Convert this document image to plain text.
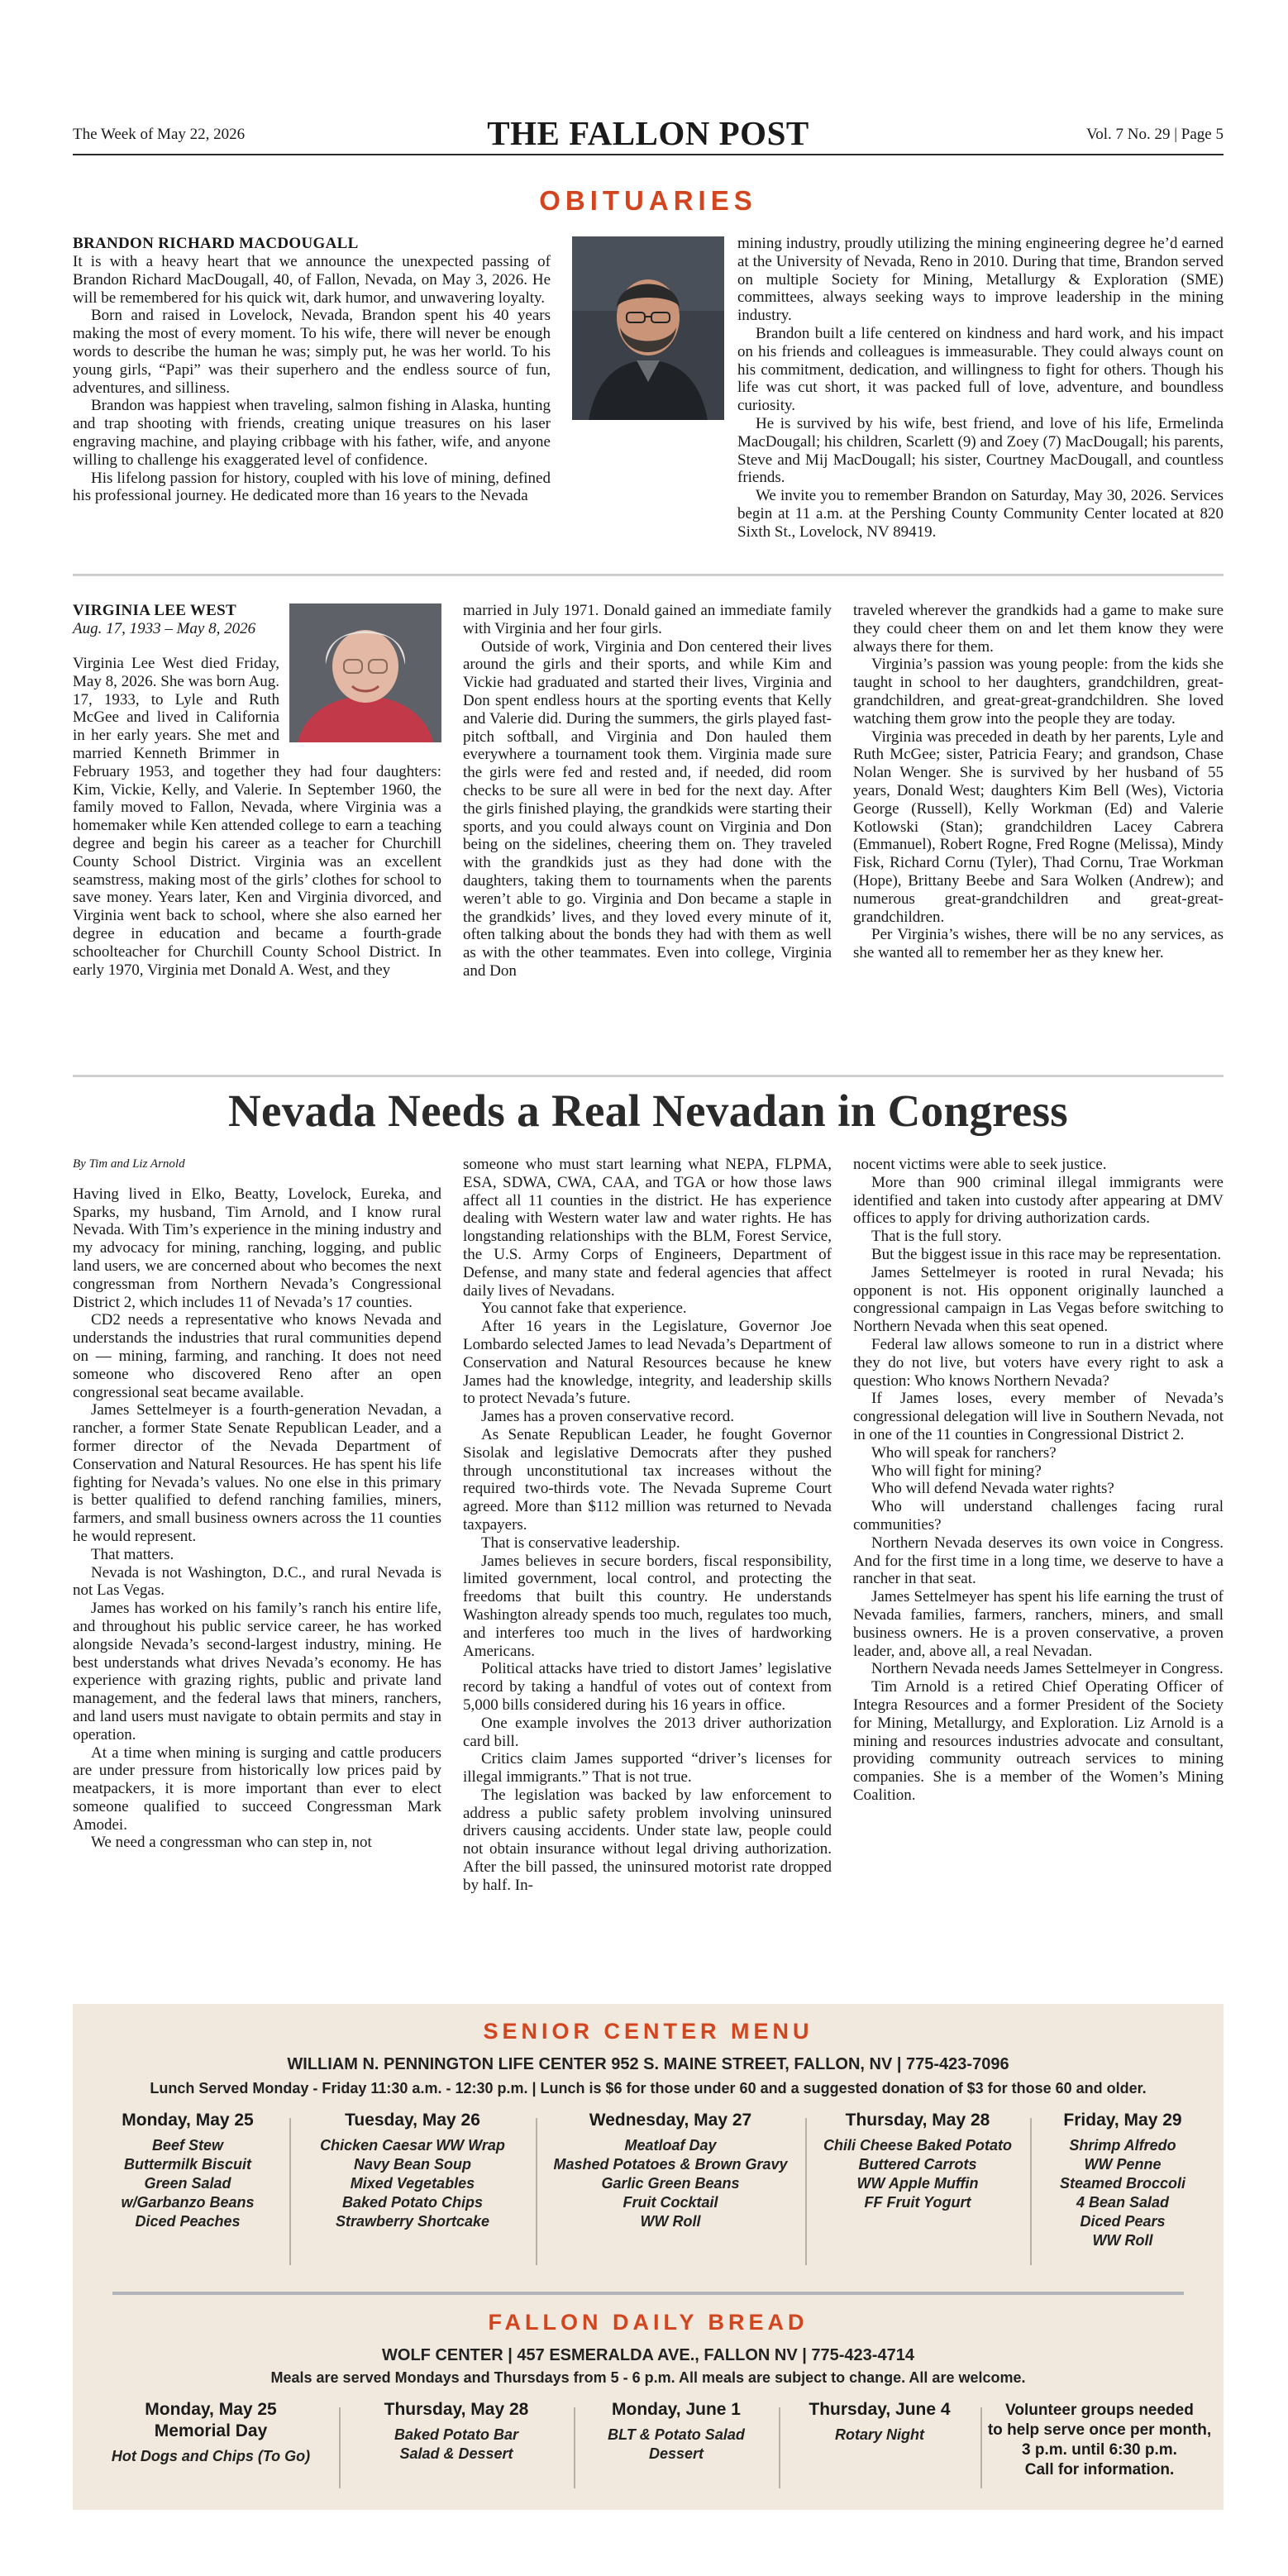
The Week of May 22, 2026	THE FALLON POST	Vol. 7 No. 29 | Page 5
OBITUARIES
BRANDON RICHARD MACDOUGALL

It is with a heavy heart that we announce the unexpected passing of Brandon Richard MacDougall, 40, of Fallon, Nevada, on May 3, 2026. He will be remembered for his quick wit, dark humor, and unwavering loyalty.

Born and raised in Lovelock, Nevada, Brandon spent his 40 years making the most of every moment. To his wife, there will never be enough words to describe the human he was; simply put, he was her world. To his young girls, “Papi” was their superhero and the endless source of fun, adventures, and silliness.

Brandon was happiest when traveling, salmon fishing in Alaska, hunting and trap shooting with friends, creating unique treasures on his laser engraving machine, and playing cribbage with his father, wife, and anyone willing to challenge his exaggerated level of confidence.

His lifelong passion for history, coupled with his love of mining, defined his professional journey. He dedicated more than 16 years to the Nevada

mining industry, proudly utilizing the mining engineering degree he’d earned at the University of Nevada, Reno in 2010. During that time, Brandon served on multiple Society for Mining, Metallurgy & Exploration (SME) committees, always seeking ways to improve leadership in the mining industry.

Brandon built a life centered on kindness and hard work, and his impact on his friends and colleagues is immeasurable. They could always count on his commitment, dedication, and willingness to fight for others. Though his life was cut short, it was packed full of love, adventure, and boundless curiosity.

He is survived by his wife, best friend, and love of his life, Ermelinda MacDougall; his children, Scarlett (9) and Zoey (7) MacDougall; his parents, Steve and Mij MacDougall; his sister, Courtney MacDougall, and countless friends.

We invite you to remember Brandon on Saturday, May 30, 2026. Services begin at 11 a.m. at the Pershing County Community Center located at 820 Sixth St., Lovelock, NV 89419.

VIRGINIA LEE WEST
Aug. 17, 1933 – May 8, 2026

Virginia Lee West died Friday, May 8, 2026. She was born Aug. 17, 1933, to Lyle and Ruth McGee and lived in California in her early years. She met and married Kenneth Brimmer in February 1953, and together they had four daughters: Kim, Vickie, Kelly, and Valerie. In September 1960, the family moved to Fallon, Nevada, where Virginia was a homemaker while Ken attended college to earn a teaching degree and begin his career as a teacher for Churchill County School District. Virginia was an excellent seamstress, making most of the girls’ clothes for school to save money. Years later, Ken and Virginia divorced, and Virginia went back to school, where she also earned her degree in education and became a fourth-grade schoolteacher for Churchill County School District. In early 1970, Virginia met Donald A. West, and they

married in July 1971. Donald gained an immediate family with Virginia and her four girls.

Outside of work, Virginia and Don centered their lives around the girls and their sports, and while Kim and Vickie had graduated and started their lives, Virginia and Don spent endless hours at the sporting events that Kelly and Valerie did. During the summers, the girls played fast-pitch softball, and Virginia and Don hauled them everywhere a tournament took them. Virginia made sure the girls were fed and rested and, if needed, did room checks to be sure all were in bed for the next day. After the girls finished playing, the grandkids were starting their sports, and you could always count on Virginia and Don being on the sidelines, cheering them on. They traveled with the grandkids just as they had done with the daughters, taking them to tournaments when the parents weren’t able to go. Virginia and Don became a staple in the grandkids’ lives, and they loved every minute of it, often talking about the bonds they had with them as well as with the other teammates. Even into college, Virginia and Don

traveled wherever the grandkids had a game to make sure they could cheer them on and let them know they were always there for them.

Virginia’s passion was young people: from the kids she taught in school to her daughters, grandchildren, great-grandchildren, and great-great-grandchildren. She loved watching them grow into the people they are today.

Virginia was preceded in death by her parents, Lyle and Ruth McGee; sister, Patricia Feary; and grandson, Chase Nolan Wenger. She is survived by her husband of 55 years, Donald West; daughters Kim Bell (Wes), Victoria George (Russell), Kelly Workman (Ed) and Valerie Kotlowski (Stan); grandchildren Lacey Cabrera (Emmanuel), Robert Rogne, Fred Rogne (Melissa), Mindy Fisk, Richard Cornu (Tyler), Thad Cornu, Trae Workman (Hope), Brittany Beebe and Sara Wolken (Andrew); and numerous great-grandchildren and great-great-grandchildren.

Per Virginia’s wishes, there will be no any services, as she wanted all to remember her as they knew her.

Nevada Needs a Real Nevadan in Congress
By Tim and Liz Arnold

Having lived in Elko, Beatty, Lovelock, Eureka, and Sparks, my husband, Tim Arnold, and I know rural Nevada. With Tim’s experience in the mining industry and my advocacy for mining, ranching, logging, and public land users, we are concerned about who becomes the next congressman from Northern Nevada’s Congressional District 2, which includes 11 of Nevada’s 17 counties.

CD2 needs a representative who knows Nevada and understands the industries that rural communities depend on — mining, farming, and ranching. It does not need someone who discovered Reno after an open congressional seat became available.

James Settelmeyer is a fourth-generation Nevadan, a rancher, a former State Senate Republican Leader, and a former director of the Nevada Department of Conservation and Natural Resources. He has spent his life fighting for Nevada’s values. No one else in this primary is better qualified to defend ranching families, miners, farmers, and small business owners across the 11 counties he would represent.

That matters.

Nevada is not Washington, D.C., and rural Nevada is not Las Vegas.

James has worked on his family’s ranch his entire life, and throughout his public service career, he has worked alongside Nevada’s second-largest industry, mining. He best understands what drives Nevada’s economy. He has experience with grazing rights, public and private land management, and the federal laws that miners, ranchers, and land users must navigate to obtain permits and stay in operation.

At a time when mining is surging and cattle producers are under pressure from historically low prices paid by meatpackers, it is more important than ever to elect someone qualified to succeed Congressman Mark Amodei.

We need a congressman who can step in, not

someone who must start learning what NEPA, FLPMA, ESA, SDWA, CWA, CAA, and TGA or how those laws affect all 11 counties in the district. He has experience dealing with Western water law and water rights. He has longstanding relationships with the BLM, Forest Service, the U.S. Army Corps of Engineers, Department of Defense, and many state and federal agencies that affect daily lives of Nevadans.

You cannot fake that experience.

After 16 years in the Legislature, Governor Joe Lombardo selected James to lead Nevada’s Department of Conservation and Natural Resources because he knew James had the knowledge, integrity, and leadership skills to protect Nevada’s future.

James has a proven conservative record.

As Senate Republican Leader, he fought Governor Sisolak and legislative Democrats after they pushed through unconstitutional tax increases without the required two-thirds vote. The Nevada Supreme Court agreed. More than $112 million was returned to Nevada taxpayers.

That is conservative leadership.

James believes in secure borders, fiscal responsibility, limited government, local control, and protecting the freedoms that built this country. He understands Washington already spends too much, regulates too much, and interferes too much in the lives of hardworking Americans.

Political attacks have tried to distort James’ legislative record by taking a handful of votes out of context from 5,000 bills considered during his 16 years in office.

One example involves the 2013 driver authorization card bill.

Critics claim James supported “driver’s licenses for illegal immigrants.” That is not true.

The legislation was backed by law enforcement to address a public safety problem involving uninsured drivers causing accidents. Under state law, people could not obtain insurance without legal driving authorization. After the bill passed, the uninsured motorist rate dropped by half. In-

nocent victims were able to seek justice.

More than 900 criminal illegal immigrants were identified and taken into custody after appearing at DMV offices to apply for driving authorization cards.

That is the full story.

But the biggest issue in this race may be representation.

James Settelmeyer is rooted in rural Nevada; his opponent is not. His opponent originally launched a congressional campaign in Las Vegas before switching to Northern Nevada when this seat opened.

Federal law allows someone to run in a district where they do not live, but voters have every right to ask a question: Who knows Northern Nevada?

If James loses, every member of Nevada’s congressional delegation will live in Southern Nevada, not in one of the 11 counties in Congressional District 2.

Who will speak for ranchers?

Who will fight for mining?

Who will defend Nevada water rights?

Who will understand challenges facing rural communities?

Northern Nevada deserves its own voice in Congress. And for the first time in a long time, we deserve to have a rancher in that seat.

James Settelmeyer has spent his life earning the trust of Nevada families, farmers, ranchers, miners, and small business owners. He is a proven conservative, a proven leader, and, above all, a real Nevadan.

Northern Nevada needs James Settelmeyer in Congress.

Tim Arnold is a retired Chief Operating Officer of Integra Resources and a former President of the Society for Mining, Metallurgy, and Exploration. Liz Arnold is a mining and resources industries advocate and consultant, providing community outreach services to mining companies. She is a member of the Women’s Mining Coalition.

SENIOR CENTER MENU
WILLIAM N. PENNINGTON LIFE CENTER 952 S. MAINE STREET, FALLON, NV | 775-423-7096
Lunch Served Monday - Friday 11:30 a.m. - 12:30 p.m. | Lunch is $6 for those under 60 and a suggested donation of $3 for those 60 and older.
Monday, May 25
Beef Stew
Buttermilk Biscuit
Green Salad
w/Garbanzo Beans
Diced Peaches
Tuesday, May 26
Chicken Caesar WW Wrap
Navy Bean Soup
Mixed Vegetables
Baked Potato Chips
Strawberry Shortcake
Wednesday, May 27
Meatloaf Day
Mashed Potatoes & Brown Gravy
Garlic Green Beans
Fruit Cocktail
WW Roll
Thursday, May 28
Chili Cheese Baked Potato
Buttered Carrots
WW Apple Muffin
FF Fruit Yogurt
Friday, May 29
Shrimp Alfredo
WW Penne
Steamed Broccoli
4 Bean Salad
Diced Pears
WW Roll
FALLON DAILY BREAD
WOLF CENTER | 457 ESMERALDA AVE., FALLON NV | 775-423-4714
Meals are served Mondays and Thursdays from 5 - 6 p.m. All meals are subject to change. All are welcome.
Monday, May 25
Memorial Day
Hot Dogs and Chips (To Go)
Thursday, May 28
Baked Potato Bar
Salad & Dessert
Monday, June 1
BLT & Potato Salad
Dessert
Thursday, June 4
Rotary Night
Volunteer groups needed
to help serve once per month,
3 p.m. until 6:30 p.m.
Call for information.
